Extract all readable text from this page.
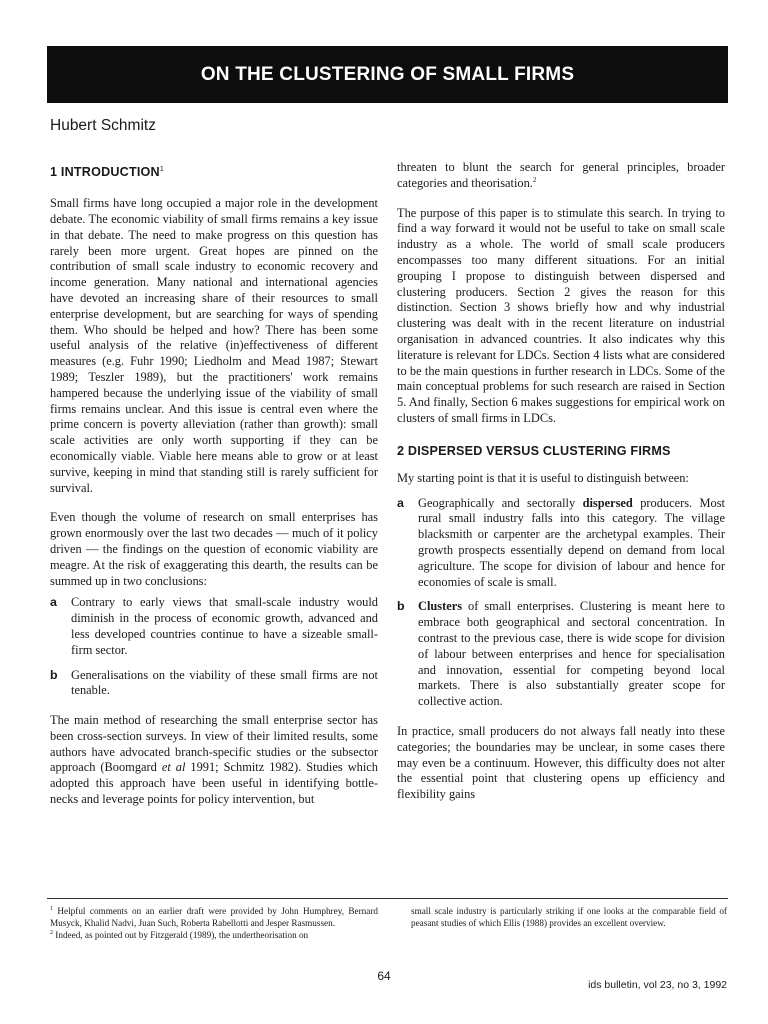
ON THE CLUSTERING OF SMALL FIRMS
Hubert Schmitz
1 INTRODUCTION$^1$

Small firms have long occupied a major role in the development debate. The economic viability of small firms remains a key issue in that debate. The need to make progress on this question has rarely been more urgent. Great hopes are pinned on the contribution of small scale industry to economic recovery and income generation. Many national and international agencies have devoted an increasing share of their resources to small enterprise development, but are searching for ways of spending them. Who should be helped and how? There has been some useful analysis of the relative (in)effectiveness of different measures (e.g. Fuhr 1990; Liedholm and Mead 1987; Stewart 1989; Teszler 1989), but the practitioners' work remains hampered because the underlying issue of the viability of small firms remains unclear. And this issue is central even where the prime concern is poverty alleviation (rather than growth): small scale activities are only worth supporting if they can be economically viable. Viable here means able to grow or at least survive, keeping in mind that standing still is rarely sufficient for survival.

Even though the volume of research on small enterprises has grown enormously over the last two decades — much of it policy driven — the findings on the question of economic viability are meagre. At the risk of exaggerating this dearth, the results can be summed up in two conclusions:

a Contrary to early views that small-scale industry would diminish in the process of economic growth, advanced and less developed countries continue to have a sizeable small-firm sector.

b Generalisations on the viability of these small firms are not tenable.

The main method of researching the small enterprise sector has been cross-section surveys. In view of their limited results, some authors have advocated branch-specific studies or the subsector approach (Boomgard et al 1991; Schmitz 1982). Studies which adopted this approach have been useful in identifying bottle-necks and leverage points for policy intervention, but

threaten to blunt the search for general principles, broader categories and theorisation.$^2$

The purpose of this paper is to stimulate this search. In trying to find a way forward it would not be useful to take on small scale industry as a whole. The world of small scale producers encompasses too many different situations. For an initial grouping I propose to distinguish between dispersed and clustering producers. Section 2 gives the reason for this distinction. Section 3 shows briefly how and why industrial clustering was dealt with in the recent literature on industrial organisation in advanced countries. It also indicates why this literature is relevant for LDCs. Section 4 lists what are considered to be the main questions in further research in LDCs. Some of the main conceptual problems for such research are raised in Section 5. And finally, Section 6 makes suggestions for empirical work on clusters of small firms in LDCs.

2 DISPERSED VERSUS CLUSTERING FIRMS

My starting point is that it is useful to distinguish between:

a Geographically and sectorally dispersed producers. Most rural small industry falls into this category. The village blacksmith or carpenter are the archetypal examples. Their growth prospects essentially depend on demand from local agriculture. The scope for division of labour and hence for economies of scale is small.

b Clusters of small enterprises. Clustering is meant here to embrace both geographical and sectoral concentration. In contrast to the previous case, there is wide scope for division of labour between enterprises and hence for specialisation and innovation, essential for competing beyond local markets. There is also substantially greater scope for collective action.

In practice, small producers do not always fall neatly into these categories; the boundaries may be unclear, in some cases there may even be a continuum. However, this difficulty does not alter the essential point that clustering opens up efficiency and flexibility gains

$^1$ Helpful comments on an earlier draft were provided by John Humphrey, Bernard Musyck, Khalid Nadvi, Juan Such, Roberta Rabellotti and Jesper Rasmussen.

$^2$ Indeed, as pointed out by Fitzgerald (1989), the undertheorisation on

small scale industry is particularly striking if one looks at the comparable field of peasant studies of which Ellis (1988) provides an excellent overview.

64
ids bulletin, vol 23, no 3, 1992
